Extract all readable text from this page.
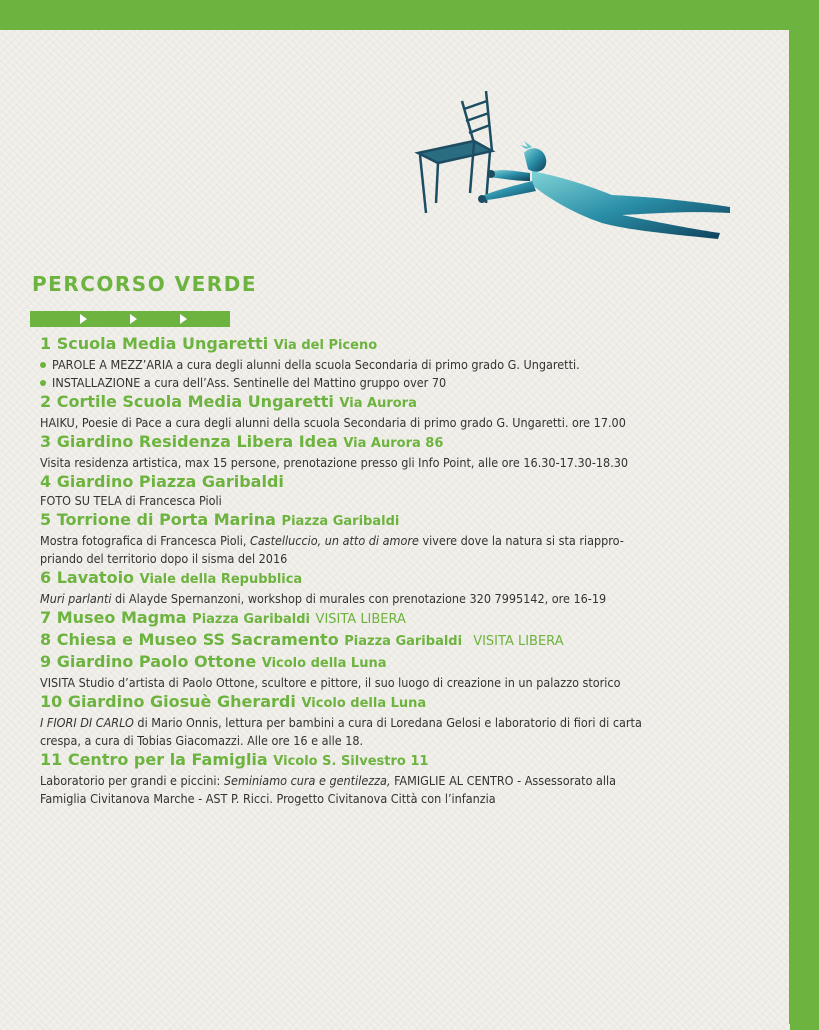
PERCORSO VERDE
1 Scuola Media Ungaretti Via del Piceno

PAROLE A MEZZ’ARIA a cura degli alunni della scuola Secondaria di primo grado G. Ungaretti.

INSTALLAZIONE a cura dell’Ass. Sentinelle del Mattino gruppo over 70

2 Cortile Scuola Media Ungaretti Via Aurora

HAIKU, Poesie di Pace a cura degli alunni della scuola Secondaria di primo grado G. Ungaretti. ore 17.00

3 Giardino Residenza Libera Idea Via Aurora 86

Visita residenza artistica, max 15 persone, prenotazione presso gli Info Point, alle ore 16.30-17.30-18.30

4 Giardino Piazza Garibaldi

FOTO SU TELA di Francesca Pioli

5 Torrione di Porta Marina Piazza Garibaldi

Mostra fotografica di Francesca Pioli, Castelluccio, un atto di amore vivere dove la natura si sta riappro-

priando del territorio dopo il sisma del 2016

6 Lavatoio Viale della Repubblica

Muri parlanti di Alayde Spernanzoni, workshop di murales con prenotazione 320 7995142, ore 16-19

7 Museo Magma Piazza Garibaldi VISITA LIBERA
8 Chiesa e Museo SS Sacramento Piazza Garibaldi VISITA LIBERA
9 Giardino Paolo Ottone Vicolo della Luna

VISITA Studio d’artista di Paolo Ottone, scultore e pittore, il suo luogo di creazione in un palazzo storico

10 Giardino Giosuè Gherardi Vicolo della Luna

I FIORI DI CARLO di Mario Onnis, lettura per bambini a cura di Loredana Gelosi e laboratorio di fiori di carta

crespa, a cura di Tobias Giacomazzi. Alle ore 16 e alle 18.

11 Centro per la Famiglia Vicolo S. Silvestro 11

Laboratorio per grandi e piccini: Seminiamo cura e gentilezza, FAMIGLIE AL CENTRO - Assessorato alla

Famiglia Civitanova Marche - AST P. Ricci. Progetto Civitanova Città con l’infanzia
